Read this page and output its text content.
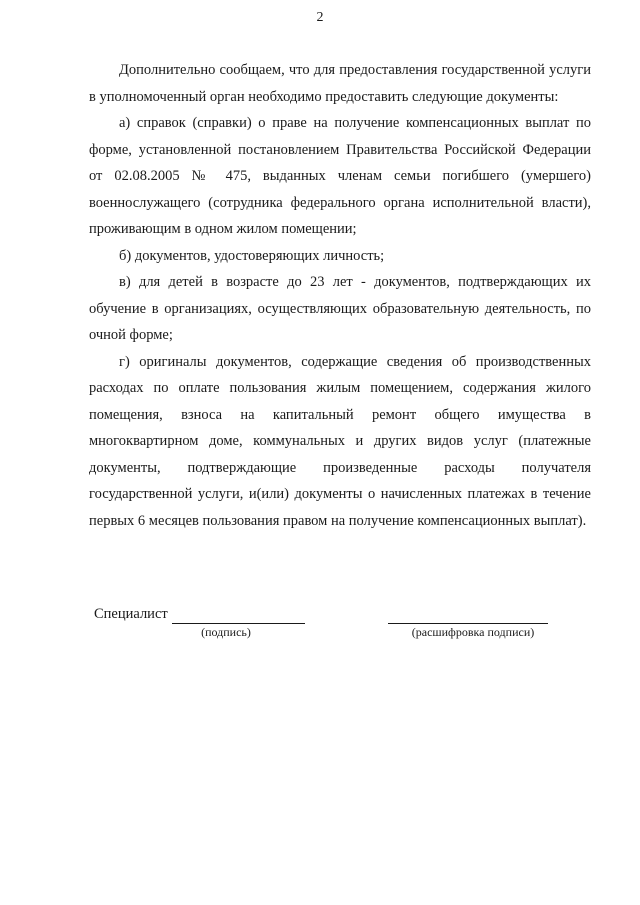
2

Дополнительно сообщаем, что для предоставления государственной услуги в уполномоченный орган необходимо предоставить следующие документы:

а) справок (справки) о праве на получение компенсационных выплат по форме, установленной постановлением Правительства Российской Федерации от 02.08.2005 № 475, выданных членам семьи погибшего (умершего) военнослужащего (сотрудника федерального органа исполнительной власти), проживающим в одном жилом помещении;

б) документов, удостоверяющих личность;

в) для детей в возрасте до 23 лет - документов, подтверждающих их обучение в организациях, осуществляющих образовательную деятельность, по очной форме;

г) оригиналы документов, содержащие сведения об производственных расходах по оплате пользования жилым помещением, содержания жилого помещения, взноса на капитальный ремонт общего имущества в многоквартирном доме, коммунальных и других видов услуг (платежные документы, подтверждающие произведенные расходы получателя государственной услуги, и(или) документы о начисленных платежах в течение первых 6 месяцев пользования правом на получение компенсационных выплат).

Специалист
(подпись)	(расшифровка подписи)
